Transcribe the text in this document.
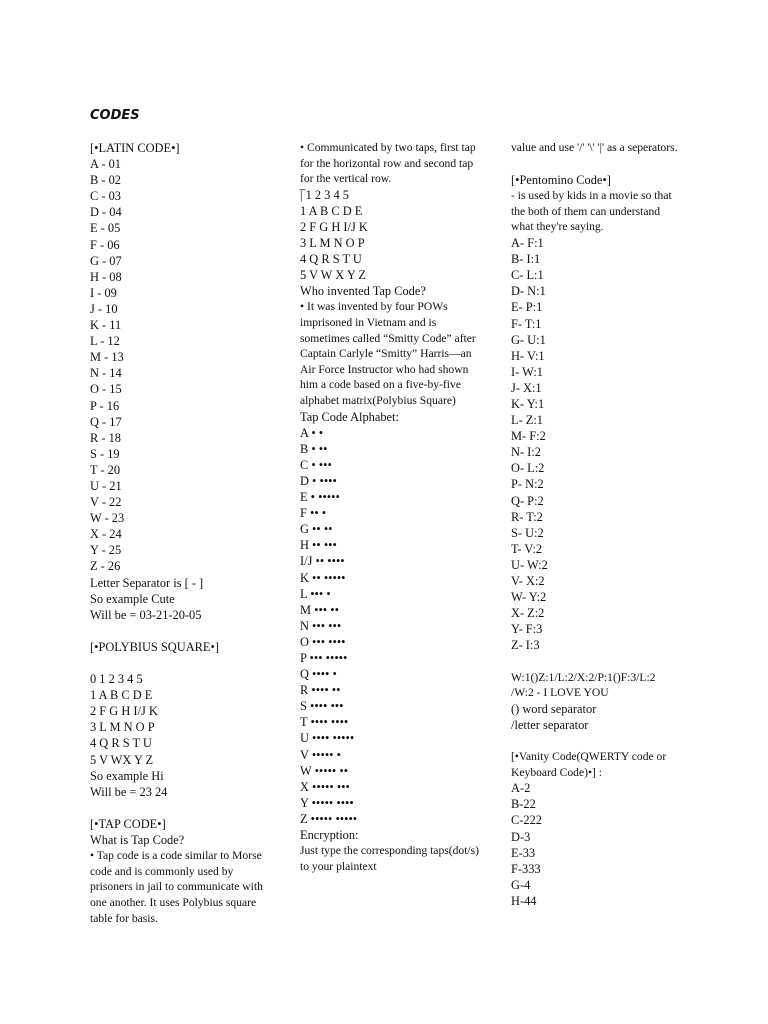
CODES
[•LATIN CODE•]
A - 01
B - 02
C - 03
D - 04
E - 05
F - 06
G - 07
H - 08
I - 09
J - 10
K - 11
L - 12
M - 13
N - 14
O - 15
P - 16
Q - 17
R - 18
S - 19
T - 20
U - 21
V - 22
W - 23
X - 24
Y - 25
Z - 26
Letter Separator is [ - ]
So example Cute
Will be = 03-21-20-05
[•POLYBIUS SQUARE•]
0 1 2 3 4 5
1 A B C D E
2 F G H I/J K
3 L M N O P
4 Q R S T U
5 V WX Y Z
So example Hi
Will be = 23 24
[•TAP CODE•]
What is Tap Code?
• Tap code is a code similar to Morse code and is commonly used by prisoners in jail to communicate with one another. It uses Polybius square table for basis.
• Communicated by two taps, first tap for the horizontal row and second tap for the vertical row.
|̅ 1 2 3 4 5
1 A B C D E
2 F G H I/J K
3 L M N O P
4 Q R S T U
5 V W X Y Z
Who invented Tap Code?
• It was invented by four POWs imprisoned in Vietnam and is sometimes called “Smitty Code” after Captain Carlyle “Smitty” Harris—an Air Force Instructor who had shown him a code based on a five-by-five alphabet matrix(Polybius Square)
Tap Code Alphabet:
A • •
B • ••
C • •••
D • ••••
E • •••••
F •• •
G •• ••
H •• •••
I/J •• ••••
K •• •••••
L ••• •
M ••• ••
N ••• •••
O ••• ••••
P ••• •••••
Q •••• •
R •••• ••
S •••• •••
T •••• ••••
U •••• •••••
V ••••• •
W ••••• ••
X ••••• •••
Y ••••• ••••
Z ••••• •••••
Encryption:
Just type the corresponding taps(dot/s) to your plaintext
value and use '/' '\' '|' as a seperators.
[•Pentomino Code•]
- is used by kids in a movie so that the both of them can understand what they're saying.
A- F:1
B- I:1
C- L:1
D- N:1
E- P:1
F- T:1
G- U:1
H- V:1
I- W:1
J- X:1
K- Y:1
L- Z:1
M- F:2
N- I:2
O- L:2
P- N:2
Q- P:2
R- T:2
S- U:2
T- V:2
U- W:2
V- X:2
W- Y:2
X- Z:2
Y- F:3
Z- I:3
W:1()Z:1/L:2/X:2/P:1()F:3/L:2 /W:2 - I LOVE YOU
() word separator
/letter separator
[•Vanity Code(QWERTY code or Keyboard Code)•] :
A-2
B-22
C-222
D-3
E-33
F-333
G-4
H-44
